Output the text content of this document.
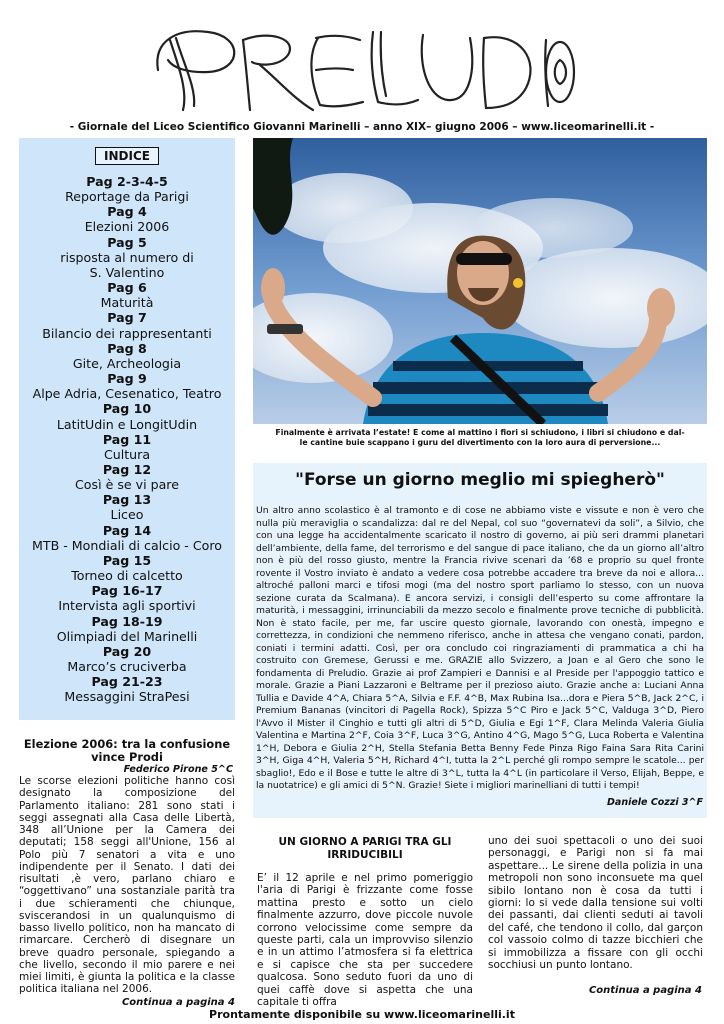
- Giornale del Liceo Scientifico Giovanni Marinelli – anno XIX– giugno 2006 – www.liceomarinelli.it -
INDICE
Pag 2-3-4-5
Reportage da Parigi
Pag 4
Elezioni 2006
Pag 5
risposta al numero di S. Valentino
Pag 6
Maturità
Pag 7
Bilancio dei rappresentanti
Pag 8
Gite, Archeologia
Pag 9
Alpe Adria, Cesenatico, Teatro
Pag 10
LatitUdin e LongitUdin
Pag 11
Cultura
Pag 12
Così è se vi pare
Pag 13
Liceo
Pag 14
MTB - Mondiali di calcio - Coro
Pag 15
Torneo di calcetto
Pag 16-17
Intervista agli sportivi
Pag 18-19
Olimpiadi del Marinelli
Pag 20
Marco’s cruciverba
Pag 21-23
Messaggini StraPesi
Finalmente è arrivata l’estate! E come al mattino i fiori si schiudono, i libri si chiudono e dal-
le cantine buie scappano i guru del divertimento con la loro aura di perversione...
"Forse un giorno meglio mi spiegherò"
Un altro anno scolastico è al tramonto e di cose ne abbiamo viste e vissute e non è vero che nulla più meraviglia o scandalizza: dal re del Nepal, col suo “governatevi da soli”, a Silvio, che con una legge ha accidentalmente scaricato il nostro di governo, ai più seri drammi planetari dell’ambiente, della fame, del terrorismo e del sangue di pace italiano, che da un giorno all’altro non è più del rosso giusto, mentre la Francia rivive scenari da ’68 e proprio su quel fronte rovente il Vostro inviato è andato a vedere cosa potrebbe accadere tra breve da noi e allora... altroché palloni marci e tifosi mogi (ma del nostro sport parliamo lo stesso, con un nuova sezione curata da Scalmana). E ancora servizi, i consigli dell’esperto su come affrontare la maturità, i messaggini, irrinunciabili da mezzo secolo e finalmente prove tecniche di pubblicità. Non è stato facile, per me, far uscire questo giornale, lavorando con onestà, impegno e correttezza, in condizioni che nemmeno riferisco, anche in attesa che vengano conati, pardon, coniati i termini adatti. Così, per ora concludo coi ringraziamenti di prammatica a chi ha costruito con Gremese, Gerussi e me. GRAZIE allo Svizzero, a Joan e al Gero che sono le fondamenta di Preludio. Grazie ai prof Zampieri e Dannisi e al Preside per l'appoggio tattico e morale. Grazie a Piani Lazzaroni e Beltrame per il prezioso aiuto. Grazie anche a: Luciani Anna Tullia e Davide 4^A, Chiara 5^A, Silvia e F.F. 4^B, Max Rubina Isa...dora e Piera 5^B, Jack 2^C, i Premium Bananas (vincitori di Pagella Rock), Spizza 5^C Piro e Jack 5^C, Valduga 3^D, Piero l'Avvo il Mister il Cinghio e tutti gli altri di 5^D, Giulia e Egi 1^F, Clara Melinda Valeria Giulia Valentina e Martina 2^F, Coia 3^F, Luca 3^G, Antino 4^G, Mago 5^G, Luca Roberta e Valentina 1^H, Debora e Giulia 2^H, Stella Stefania Betta Benny Fede Pinza Rigo Faina Sara Rita Carini 3^H, Giga 4^H, Valeria 5^H, Richard 4^I, tutta la 2^L perché gli rompo sempre le scatole... per sbaglio!, Edo e il Bose e tutte le altre di 3^L, tutta la 4^L (in particolare il Verso, Elijah, Beppe, e la nuotatrice) e gli amici di 5^N. Grazie! Siete i migliori marinelliani di tutti i tempi!
Daniele Cozzi 3^F
Elezione 2006: tra la confusione vince Prodi
Federico Pirone 5^C
Le scorse elezioni politiche hanno così designato la composizione del Parlamento italiano: 281 sono stati i seggi assegnati alla Casa delle Libertà, 348 all’Unione per la Camera dei deputati; 158 seggi all'Unione, 156 al Polo più 7 senatori a vita e uno indipendente per il Senato. I dati dei risultati ,è vero, parlano chiaro e “oggettivano” una sostanziale parità tra i due schieramenti che chiunque, sviscerandosi in un qualunquismo di basso livello politico, non ha mancato di rimarcare. Cercherò di disegnare un breve quadro personale, spiegando a che livello, secondo il mio parere e nei miei limiti, è giunta la politica e la classe politica italiana nel 2006.
Continua a pagina 4
UN GIORNO A PARIGI TRA GLI IRRIDUCIBILI
E’ il 12 aprile e nel primo pomeriggio l'aria di Parigi è frizzante come fosse mattina presto e sotto un cielo finalmente azzurro, dove piccole nuvole corrono velocissime come sempre da queste parti, cala un improvviso silenzio e in un attimo l’atmosfera si fa elettrica e si capisce che sta per succedere qualcosa. Sono seduto fuori da uno di quei caffè dove si aspetta che una capitale ti offra
uno dei suoi spettacoli o uno dei suoi personaggi, e Parigi non si fa mai aspettare... Le sirene della polizia in una metropoli non sono inconsuete ma quel sibilo lontano non è cosa da tutti i giorni: lo si vede dalla tensione sui volti dei passanti, dai clienti seduti ai tavoli del café, che tendono il collo, dal garçon col vassoio colmo di tazze bicchieri che si immobilizza a fissare con gli occhi socchiusi un punto lontano.
Continua a pagina 4
Prontamente disponibile su www.liceomarinelli.it
